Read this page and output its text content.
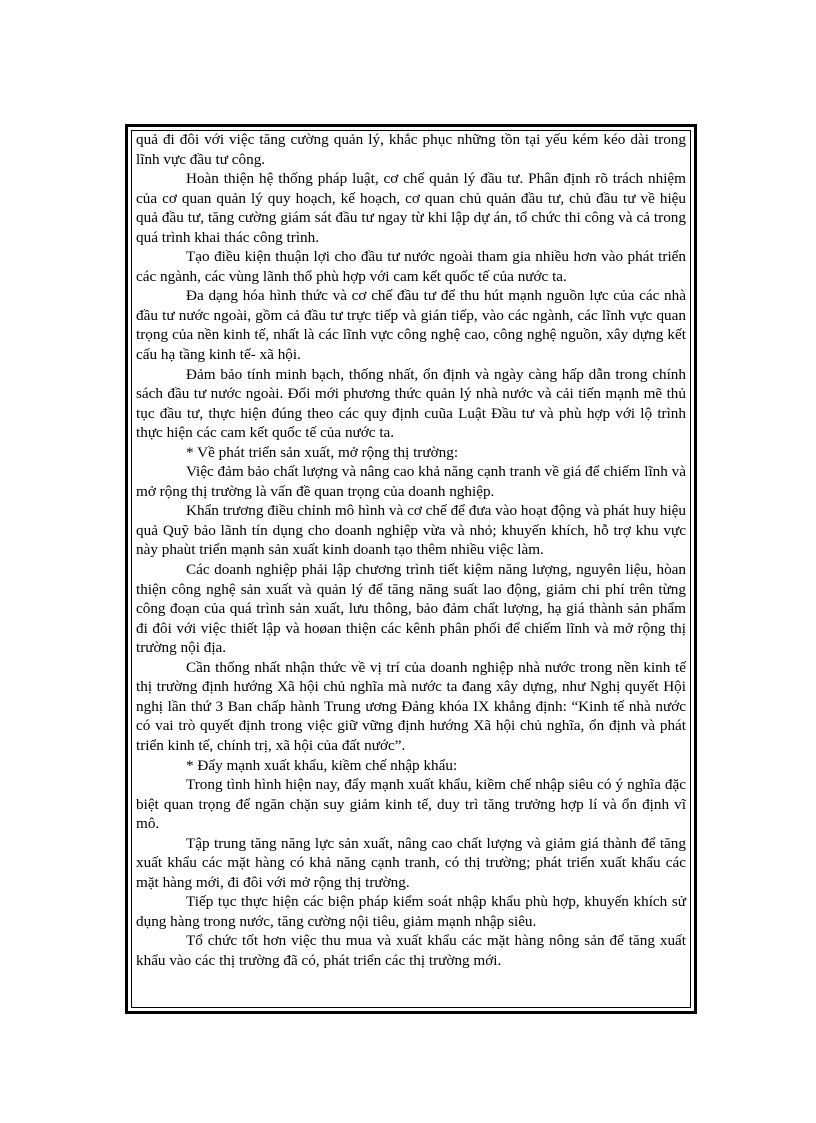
quả đi đôi với việc tăng cường quản lý, khắc phục những tồn tại yếu kém kéo dài trong lĩnh vực đầu tư công.

Hoàn thiện hệ thống pháp luật, cơ chế quản lý đầu tư. Phân định rõ trách nhiệm của cơ quan quản lý quy hoạch, kế hoạch, cơ quan chủ quản đầu tư, chủ đầu tư về hiệu quả đầu tư, tăng cường giám sát đầu tư ngay từ khi lập dự án, tổ chức thi công và cả trong quá trình khai thác công trình.

Tạo điều kiện thuận lợi cho đầu tư nước ngoài tham gia nhiều hơn vào phát triển các ngành, các vùng lãnh thổ phù hợp với cam kết quốc tế của nước ta.

Đa dạng hóa hình thức và cơ chế đầu tư để thu hút mạnh nguồn lực của các nhà đầu tư nước ngoài, gồm cả đầu tư trực tiếp và gián tiếp, vào các ngành, các lĩnh vực quan trọng của nền kinh tế, nhất là các lĩnh vực công nghệ cao, công nghệ nguồn, xây dựng kết cấu hạ tầng kinh tế- xã hội.

Đảm bảo tính minh bạch, thống nhất, ổn định và ngày càng hấp dẫn trong chính sách đầu tư nước ngoài. Đổi mới phương thức quản lý nhà nước và cải tiến mạnh mẽ thủ tục đầu tư, thực hiện đúng theo các quy định cuũa Luật Đầu tư và phù hợp với lộ trình thực hiện các cam kết quốc tế của nước ta.

* Về phát triển sản xuất, mở rộng thị trường:

Việc đảm bảo chất lượng và nâng cao khả năng cạnh tranh về giá để chiếm lĩnh và mở rộng thị trường là vấn đề quan trọng của doanh nghiệp.

Khẩn trương điều chỉnh mô hình và cơ chế để đưa vào hoạt động và phát huy hiệu quả Quỹ bảo lãnh tín dụng cho doanh nghiệp vừa và nhỏ; khuyến khích, hỗ trợ khu vực này phaùt triển mạnh sản xuất kinh doanh tạo thêm nhiều việc làm.

Các doanh nghiệp phải lập chương trình tiết kiệm năng lượng, nguyên liệu, hòan thiện công nghệ sản xuất và quản lý để tăng năng suất lao động, giảm chi phí trên từng công đoạn của quá trình sản xuất, lưu thông, bảo đảm chất lượng, hạ giá thành sản phẩm đi đôi với việc thiết lập và hoøan thiện các kênh phân phối để chiếm lĩnh và mở rộng thị trường nội địa.

Cần thống nhất nhận thức về vị trí của doanh nghiệp nhà nước trong nền kinh tế thị trường định hướng Xã hội chủ nghĩa mà nước ta đang xây dựng, như Nghị quyết Hội nghị lần thứ 3 Ban chấp hành Trung ương Đảng khóa IX khẳng định: “Kinh tế nhà nước có vai trò quyết định trong việc giữ vững định hướng Xã hội chủ nghĩa, ổn định và phát triển kinh tế, chính trị, xã hội của đất nước”.

* Đẩy mạnh xuất khẩu, kiềm chế nhập khẩu:

Trong tình hình hiện nay, đẩy mạnh xuất khẩu, kiềm chế nhập siêu có ý nghĩa đặc biệt quan trọng để ngăn chặn suy giảm kinh tế, duy trì tăng trưởng hợp lí và ổn định vĩ mô.

Tập trung tăng năng lực sản xuất, nâng cao chất lượng và giảm giá thành để tăng xuất khẩu các mặt hàng có khả năng cạnh tranh, có thị trường; phát triển xuất khẩu các mặt hàng mới, đi đôi với mở rộng thị trường.

Tiếp tục thực hiện các biện pháp kiểm soát nhập khẩu phù hợp, khuyến khích sử dụng hàng trong nước, tăng cường nội tiêu, giảm mạnh nhập siêu.

Tổ chức tốt hơn việc thu mua và xuất khẩu các mặt hàng nông sản để tăng xuất khẩu vào các thị trường đã có, phát triển các thị trường mới.
